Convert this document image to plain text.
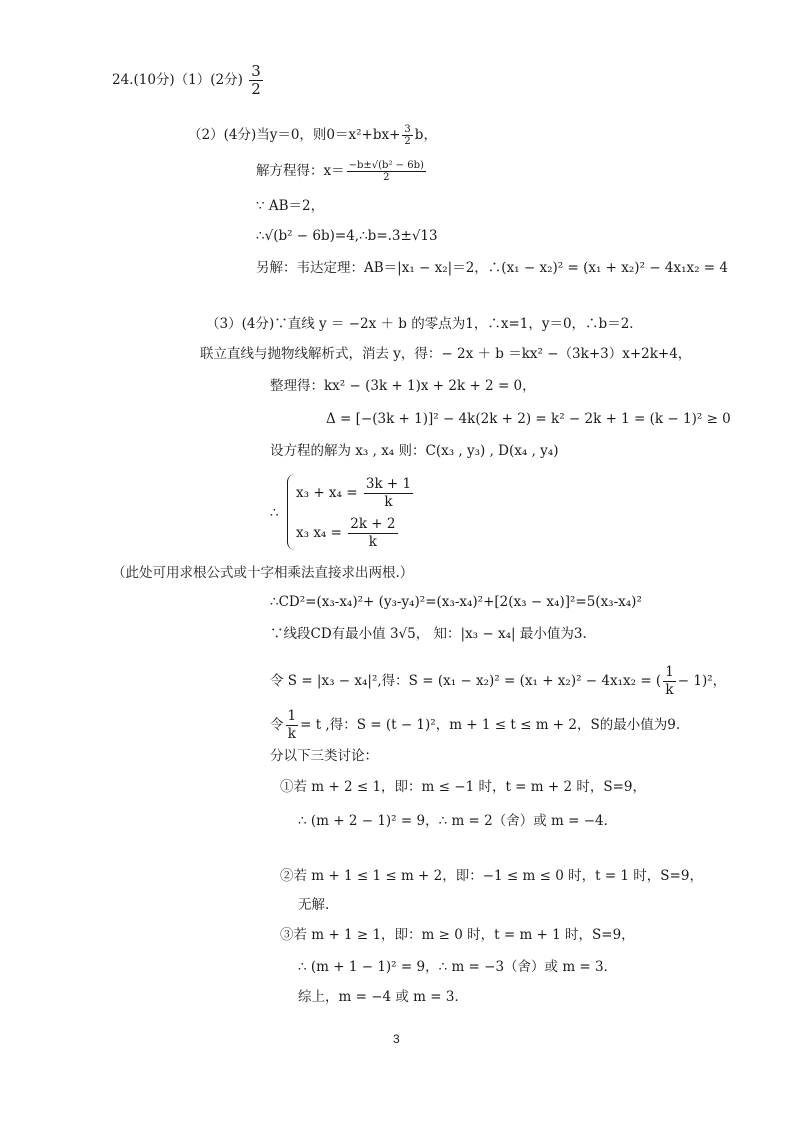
24.(10分)（1）(2分) $\frac{3}{2}$
（2）(4分)当y＝0，则$0=x^2+bx+ \frac{3}{2}$ b，
解方程得：$x= \frac{\text{−b±√(b² − 6b)}}{2}$
∵ AB＝2，
∴√(b² − 6b)=4,∴b=.3±√13
另解：韦达定理：AB＝|x₁ − x₂|＝2，∴(x₁ − x₂)² = (x₁ + x₂)² − 4x₁x₂ = 4
（3）(4分)∵直线 y ＝ −2x ＋ b 的零点为1，∴x=1，y＝0，∴b＝2．
联立直线与抛物线解析式，消去 y，得：− 2x ＋ b ＝kx² −（3k+3）x+2k+4，
整理得：kx² − (3k + 1)x + 2k + 2 = 0，
Δ = [−(3k + 1)]² − 4k(2k + 2) = k² − 2k + 1 = (k − 1)² ≥ 0
设方程的解为 x₃ , x₄ 则：C(x₃ , y₃) , D(x₄ , y₄)
∴
$x_3 + x_4 = \frac{3k + 1}{k}$
x₃ $x_4 = \frac{2k + 2}{k}$
（此处可用求根公式或十字相乘法直接求出两根.）
∴CD²=(x₃-x₄)²+ (y₃-y₄)²=(x₃-x₄)²+[2(x₃ − x₄)]²=5(x₃-x₄)²
∵线段CD有最小值 3√5， 知：|x₃ − x₄| 最小值为3.
令 S = |x₃ − x₄|²,得：S = (x₁ − x₂)² = (x₁ + x₂)² − 4x₁x₂ = ( $\frac{1}{k} - 1)^2$，
令 $\frac{1}{k} = t$ ,得：S = (t − 1)²，m + 1 ≤ t ≤ m + 2，S的最小值为9.
分以下三类讨论：
①若 m + 2 ≤ 1，即：m ≤ −1 时，t = m + 2 时，S=9，
∴ (m + 2 − 1)² = 9，∴ m = 2（舍）或 m = −4．
②若 m + 1 ≤ 1 ≤ m + 2，即：−1 ≤ m ≤ 0 时，t = 1 时，S=9，
无解.
③若 m + 1 ≥ 1，即：m ≥ 0 时，t = m + 1 时，S=9，
∴ (m + 1 − 1)² = 9，∴ m = −3（舍）或 m = 3．
综上，m = −4 或 m = 3．
3
